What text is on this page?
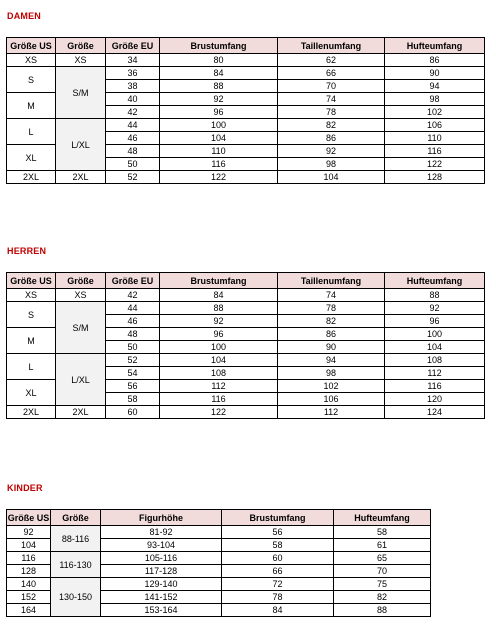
DAMEN
Größe US	Größe	Größe EU	Brustumfang	Taillenumfang	Hufteumfang
XS	XS	34	80	62	86
S	S/M	36	84	66	90
		38	88	70	94
M		40	92	74	98
		42	96	78	102
L	L/XL	44	100	82	106
		46	104	86	110
XL		48	110	92	116
		50	116	98	122
2XL	2XL	52	122	104	128
HERREN
Größe US	Größe	Größe EU	Brustumfang	Taillenumfang	Hufteumfang
XS	XS	42	84	74	88
S	S/M	44	88	78	92
		46	92	82	96
M		48	96	86	100
		50	100	90	104
L	L/XL	52	104	94	108
		54	108	98	112
XL		56	112	102	116
		58	116	106	120
2XL	2XL	60	122	112	124
KINDER
Größe US	Größe	Figurhöhe	Brustumfang	Hufteumfang
92	88-116	81-92	56	58
104		93-104	58	61
116	116-130	105-116	60	65
128		117-128	66	70
140	130-150	129-140	72	75
152		141-152	78	82
164		153-164	84	88
